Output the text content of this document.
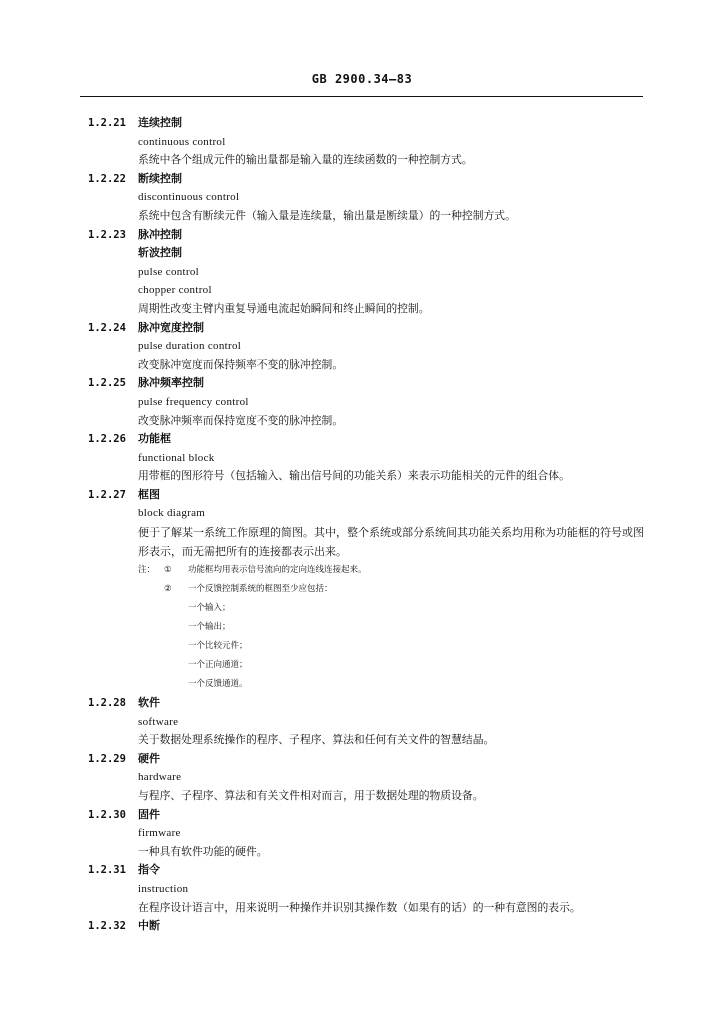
GB 2900.34—83
1.2.21	连续控制
continuous control
系统中各个组成元件的输出量都是输入量的连续函数的一种控制方式。
1.2.22	断续控制
discontinuous control
系统中包含有断续元件（输入量是连续量，输出量是断续量）的一种控制方式。
1.2.23	脉冲控制
斩波控制
pulse control
chopper control
周期性改变主臂内重复导通电流起始瞬间和终止瞬间的控制。
1.2.24	脉冲宽度控制
pulse duration control
改变脉冲宽度而保持频率不变的脉冲控制。
1.2.25	脉冲频率控制
pulse frequency control
改变脉冲频率而保持宽度不变的脉冲控制。
1.2.26	功能框
functional block
用带框的图形符号（包括输入、输出信号间的功能关系）来表示功能相关的元件的组合体。
1.2.27	框图
block diagram
便于了解某一系统工作原理的简图。其中，整个系统或部分系统间其功能关系均用称为功能框的符号或图形表示，而无需把所有的连接都表示出来。
注：	①	功能框均用表示信号流向的定向连线连接起来。
②	一个反馈控制系统的框图至少应包括：
一个输入；
一个输出；
一个比较元件；
一个正向通道；
一个反馈通道。
1.2.28	软件
software
关于数据处理系统操作的程序、子程序、算法和任何有关文件的智慧结晶。
1.2.29	硬件
hardware
与程序、子程序、算法和有关文件相对而言，用于数据处理的物质设备。
1.2.30	固件
firmware
一种具有软件功能的硬件。
1.2.31	指令
instruction
在程序设计语言中，用来说明一种操作并识别其操作数（如果有的话）的一种有意图的表示。
1.2.32	中断
